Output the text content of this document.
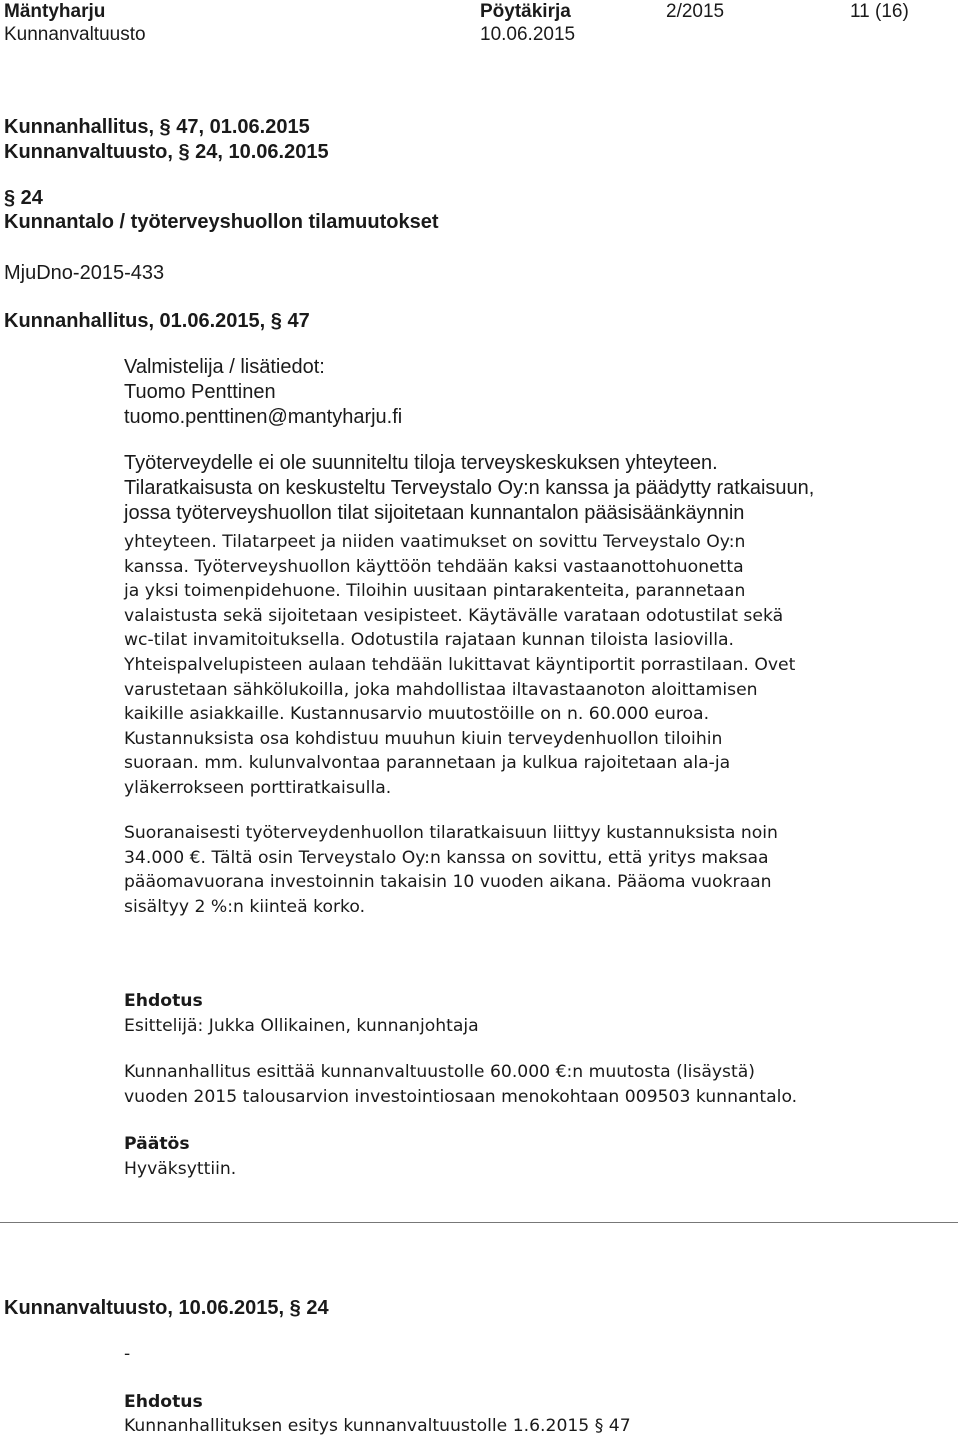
Mäntyharju
Kunnanvaltuusto
Pöytäkirja
10.06.2015
2/2015	11 (16)
Kunnanhallitus, § 47, 01.06.2015
Kunnanvaltuusto, § 24, 10.06.2015
§ 24
Kunnantalo / työterveyshuollon tilamuutokset
MjuDno-2015-433
Kunnanhallitus, 01.06.2015, § 47
Valmistelija / lisätiedot:
Tuomo Penttinen
tuomo.penttinen@mantyharju.fi
Työterveydelle ei ole suunniteltu tiloja terveyskeskuksen yhteyteen.
Tilaratkaisusta on keskusteltu Terveystalo Oy:n kanssa ja päädytty ratkaisuun,
jossa työterveyshuollon tilat sijoitetaan kunnantalon pääsisäänkäynnin
yhteyteen. Tilatarpeet ja niiden vaatimukset on sovittu Terveystalo Oy:n
kanssa. Työterveyshuollon käyttöön tehdään kaksi vastaanottohuonetta
ja yksi toimenpidehuone. Tiloihin uusitaan pintarakenteita, parannetaan
valaistusta sekä sijoitetaan vesipisteet. Käytävälle varataan odotustilat sekä
wc-tilat invamitoituksella. Odotustila rajataan kunnan tiloista lasiovilla.
Yhteispalvelupisteen aulaan tehdään lukittavat käyntiportit porrastilaan. Ovet
varustetaan sähkölukoilla, joka mahdollistaa iltavastaanoton aloittamisen
kaikille asiakkaille. Kustannusarvio muutostöille on n. 60.000 euroa.
Kustannuksista osa kohdistuu muuhun kiuin terveydenhuollon tiloihin
suoraan. mm. kulunvalvontaa parannetaan ja kulkua rajoitetaan ala-ja
yläkerrokseen porttiratkaisulla.
Suoranaisesti työterveydenhuollon tilaratkaisuun liittyy kustannuksista noin
34.000 €. Tältä osin Terveystalo Oy:n kanssa on sovittu, että yritys maksaa
pääomavuorana investoinnin takaisin 10 vuoden aikana. Pääoma vuokraan
sisältyy 2 %:n kiinteä korko.
Ehdotus
Esittelijä: Jukka Ollikainen, kunnanjohtaja
Kunnanhallitus esittää kunnanvaltuustolle 60.000 €:n muutosta (lisäystä)
vuoden 2015 talousarvion investointiosaan menokohtaan 009503 kunnantalo.
Päätös
Hyväksyttiin.
Kunnanvaltuusto, 10.06.2015, § 24
-
Ehdotus
Kunnanhallituksen esitys kunnanvaltuustolle 1.6.2015 § 47
